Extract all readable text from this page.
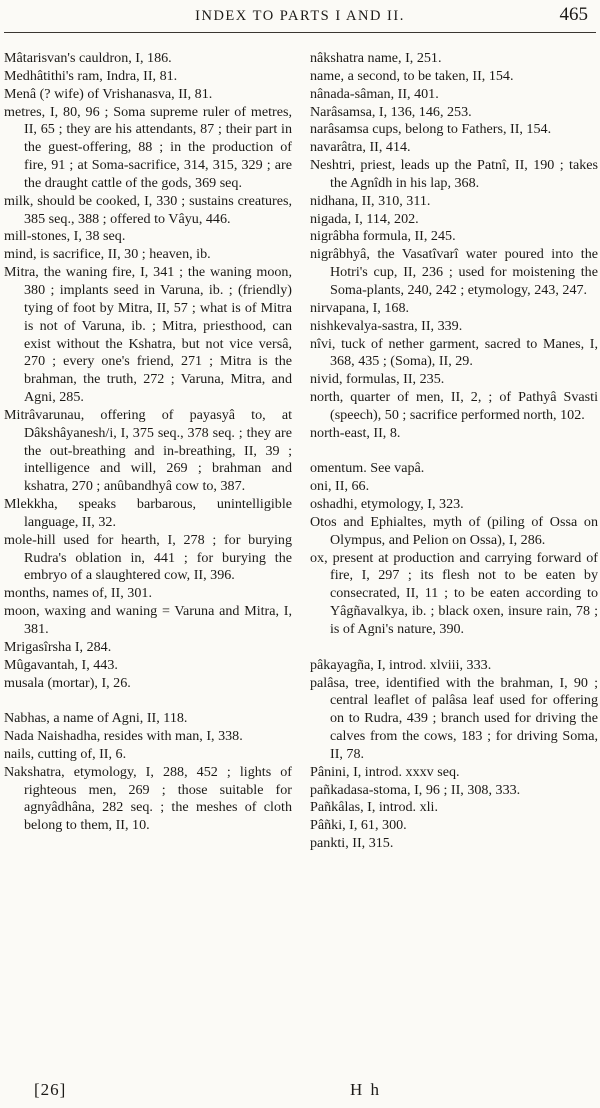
INDEX TO PARTS I AND II.	465
Mâtarisvan's cauldron, I, 186.
Medhâtithi's ram, Indra, II, 81.
Menâ (? wife) of Vrishanasva, II, 81.
metres, I, 80, 96 ; Soma supreme ruler of metres, II, 65 ; they are his attendants, 87 ; their part in the guest-offering, 88 ; in the production of fire, 91 ; at Soma-sacrifice, 314, 315, 329 ; are the draught cattle of the gods, 369 seq.
milk, should be cooked, I, 330 ; sustains creatures, 385 seq., 388 ; offered to Vâyu, 446.
mill-stones, I, 38 seq.
mind, is sacrifice, II, 30 ; heaven, ib.
Mitra, the waning fire, I, 341 ; the waning moon, 380 ; implants seed in Varuna, ib. ; (friendly) tying of foot by Mitra, II, 57 ; what is of Mitra is not of Varuna, ib. ; Mitra, priesthood, can exist without the Kshatra, but not vice versâ, 270 ; every one's friend, 271 ; Mitra is the brahman, the truth, 272 ; Varuna, Mitra, and Agni, 285.
Mitrâvarunau, offering of payasyâ to, at Dâkshâyanesh/i, I, 375 seq., 378 seq. ; they are the out-breathing and in-breathing, II, 39 ; intelligence and will, 269 ; brahman and kshatra, 270 ; anûbandhyâ cow to, 387.
Mlekkha, speaks barbarous, unintelligible language, II, 32.
mole-hill used for hearth, I, 278 ; for burying Rudra's oblation in, 441 ; for burying the embryo of a slaughtered cow, II, 396.
months, names of, II, 301.
moon, waxing and waning = Varuna and Mitra, I, 381.
Mrigasîrsha I, 284.
Mûgavantah, I, 443.
musala (mortar), I, 26.
Nabhas, a name of Agni, II, 118.
Nada Naishadha, resides with man, I, 338.
nails, cutting of, II, 6.
Nakshatra, etymology, I, 288, 452 ; lights of righteous men, 269 ; those suitable for agnyâdhâna, 282 seq. ; the meshes of cloth belong to them, II, 10.
nâkshatra name, I, 251.
name, a second, to be taken, II, 154.
nânada-sâman, II, 401.
Narâsamsa, I, 136, 146, 253.
narâsamsa cups, belong to Fathers, II, 154.
navarâtra, II, 414.
Neshtri, priest, leads up the Patnî, II, 190 ; takes the Agnîdh in his lap, 368.
nidhana, II, 310, 311.
nigada, I, 114, 202.
nigrâbha formula, II, 245.
nigrâbhyâ, the Vasatîvarî water poured into the Hotri's cup, II, 236 ; used for moistening the Soma-plants, 240, 242 ; etymology, 243, 247.
nirvapana, I, 168.
nishkevalya-sastra, II, 339.
nîvi, tuck of nether garment, sacred to Manes, I, 368, 435 ; (Soma), II, 29.
nivid, formulas, II, 235.
north, quarter of men, II, 2, ; of Pathyâ Svasti (speech), 50 ; sacrifice performed north, 102.
north-east, II, 8.
omentum. See vapâ.
oni, II, 66.
oshadhi, etymology, I, 323.
Otos and Ephialtes, myth of (piling of Ossa on Olympus, and Pelion on Ossa), I, 286.
ox, present at production and carrying forward of fire, I, 297 ; its flesh not to be eaten by consecrated, II, 11 ; to be eaten according to Yâgñavalkya, ib. ; black oxen, insure rain, 78 ; is of Agni's nature, 390.
pâkayagña, I, introd. xlviii, 333.
palâsa, tree, identified with the brahman, I, 90 ; central leaflet of palâsa leaf used for offering on to Rudra, 439 ; branch used for driving the calves from the cows, 183 ; for driving Soma, II, 78.
Pânini, I, introd. xxxv seq.
pañkadasa-stoma, I, 96 ; II, 308, 333.
Pañkâlas, I, introd. xli.
Pâñki, I, 61, 300.
pankti, II, 315.
[26]	H h
